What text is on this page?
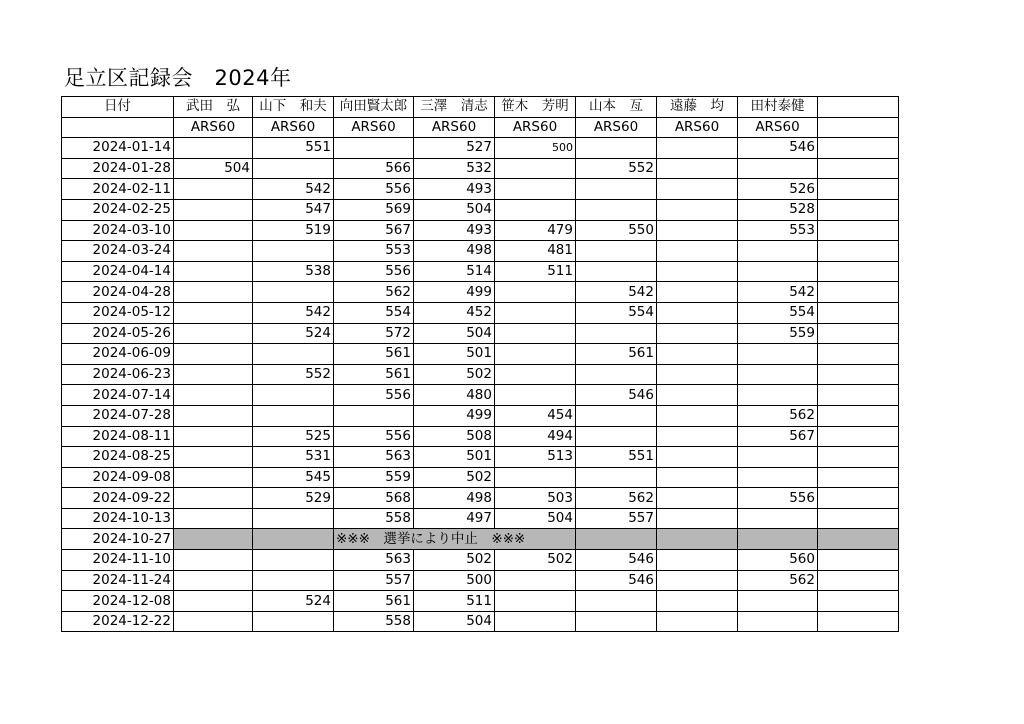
足立区記録会　2024年
日付	武田　弘	山下　和夫	向田賢太郎	三澤　清志	笹木　芳明	山本　亙	遠藤　均	田村泰健	
	ARS60	ARS60	ARS60	ARS60	ARS60	ARS60	ARS60	ARS60	
2024-01-14		551		527	500			546	
2024-01-28	504		566	532		552			
2024-02-11		542	556	493				526	
2024-02-25		547	569	504				528	
2024-03-10		519	567	493	479	550		553	
2024-03-24			553	498	481				
2024-04-14		538	556	514	511				
2024-04-28			562	499		542		542	
2024-05-12		542	554	452		554		554	
2024-05-26		524	572	504				559	
2024-06-09			561	501		561			
2024-06-23		552	561	502					
2024-07-14			556	480		546			
2024-07-28				499	454			562	
2024-08-11		525	556	508	494			567	
2024-08-25		531	563	501	513	551			
2024-09-08		545	559	502					
2024-09-22		529	568	498	503	562		556	
2024-10-13			558	497	504	557			
2024-10-27			※※※　選挙により中止　※※※						
2024-11-10			563	502	502	546		560	
2024-11-24			557	500		546		562	
2024-12-08		524	561	511					
2024-12-22			558	504					
